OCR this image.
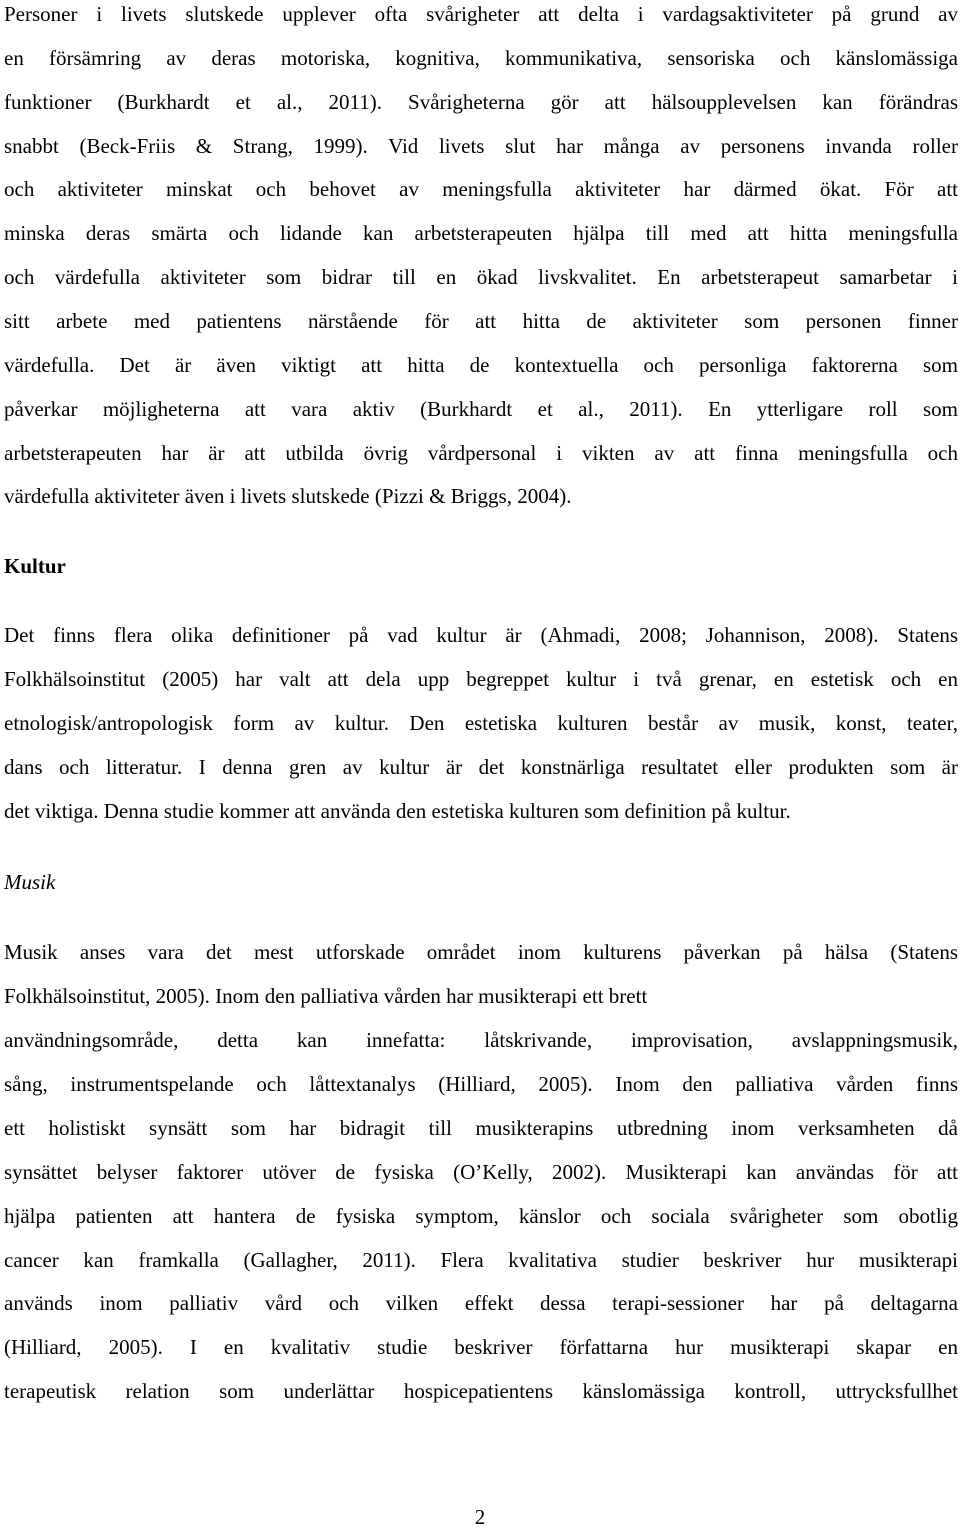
Personer i livets slutskede upplever ofta svårigheter att delta i vardagsaktiviteter på grund av
en försämring av deras motoriska, kognitiva, kommunikativa, sensoriska och känslomässiga
funktioner (Burkhardt et al., 2011). Svårigheterna gör att hälsoupplevelsen kan förändras
snabbt (Beck-Friis & Strang, 1999). Vid livets slut har många av personens invanda roller
och aktiviteter minskat och behovet av meningsfulla aktiviteter har därmed ökat. För att
minska deras smärta och lidande kan arbetsterapeuten hjälpa till med att hitta meningsfulla
och värdefulla aktiviteter som bidrar till en ökad livskvalitet. En arbetsterapeut samarbetar i
sitt arbete med patientens närstående för att hitta de aktiviteter som personen finner
värdefulla. Det är även viktigt att hitta de kontextuella och personliga faktorerna som
påverkar möjligheterna att vara aktiv (Burkhardt et al., 2011). En ytterligare roll som
arbetsterapeuten har är att utbilda övrig vårdpersonal i vikten av att finna meningsfulla och
värdefulla aktiviteter även i livets slutskede (Pizzi & Briggs, 2004).
Kultur
Det finns flera olika definitioner på vad kultur är (Ahmadi, 2008; Johannison, 2008). Statens
Folkhälsoinstitut (2005) har valt att dela upp begreppet kultur i två grenar, en estetisk och en
etnologisk/antropologisk form av kultur. Den estetiska kulturen består av musik, konst, teater,
dans och litteratur. I denna gren av kultur är det konstnärliga resultatet eller produkten som är
det viktiga. Denna studie kommer att använda den estetiska kulturen som definition på kultur.
Musik
Musik anses vara det mest utforskade området inom kulturens påverkan på hälsa (Statens
Folkhälsoinstitut, 2005). Inom den palliativa vården har musikterapi ett brett
användningsområde, detta kan innefatta: låtskrivande, improvisation, avslappningsmusik,
sång, instrumentspelande och låttextanalys (Hilliard, 2005). Inom den palliativa vården finns
ett holistiskt synsätt som har bidragit till musikterapins utbredning inom verksamheten då
synsättet belyser faktorer utöver de fysiska (O’Kelly, 2002). Musikterapi kan användas för att
hjälpa patienten att hantera de fysiska symptom, känslor och sociala svårigheter som obotlig
cancer kan framkalla (Gallagher, 2011). Flera kvalitativa studier beskriver hur musikterapi
används inom palliativ vård och vilken effekt dessa terapi-sessioner har på deltagarna
(Hilliard, 2005). I en kvalitativ studie beskriver författarna hur musikterapi skapar en
terapeutisk relation som underlättar hospicepatientens känslomässiga kontroll, uttrycksfullhet
2
